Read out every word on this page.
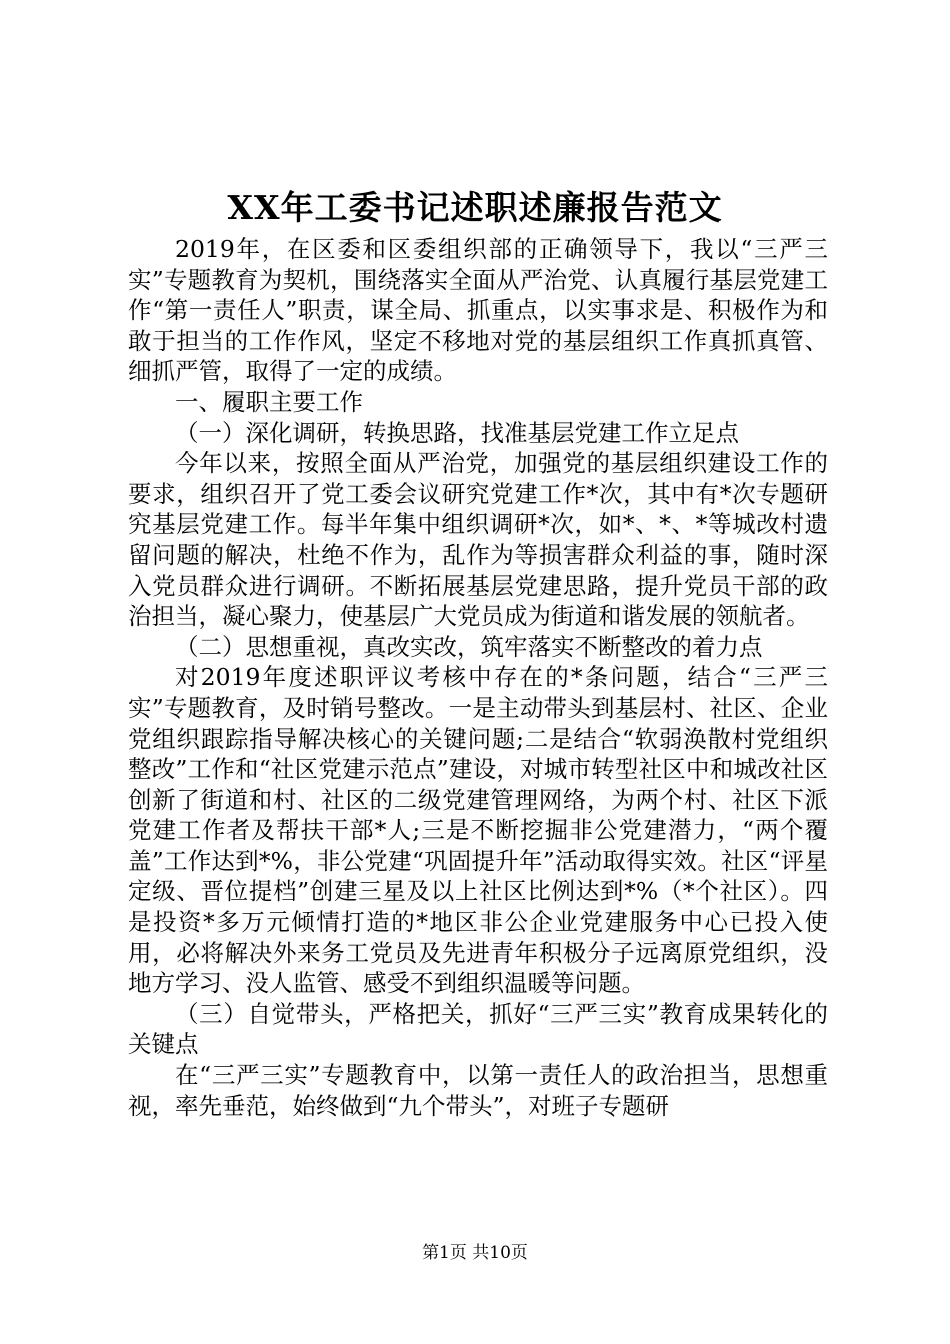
XX年工委书记述职述廉报告范文

2019年，在区委和区委组织部的正确领导下，我以“三严三实”专题教育为契机，围绕落实全面从严治党、认真履行基层党建工作“第一责任人”职责，谋全局、抓重点，以实事求是、积极作为和敢于担当的工作作风，坚定不移地对党的基层组织工作真抓真管、细抓严管，取得了一定的成绩。

一、履职主要工作

（一）深化调研，转换思路，找准基层党建工作立足点

今年以来，按照全面从严治党，加强党的基层组织建设工作的要求，组织召开了党工委会议研究党建工作*次，其中有*次专题研究基层党建工作。每半年集中组织调研*次，如*、*、*等城改村遗留问题的解决，杜绝不作为，乱作为等损害群众利益的事，随时深入党员群众进行调研。不断拓展基层党建思路，提升党员干部的政治担当，凝心聚力，使基层广大党员成为街道和谐发展的领航者。

（二）思想重视，真改实改，筑牢落实不断整改的着力点

对2019年度述职评议考核中存在的*条问题，结合“三严三实”专题教育，及时销号整改。一是主动带头到基层村、社区、企业党组织跟踪指导解决核心的关键问题;二是结合“软弱涣散村党组织整改”工作和“社区党建示范点”建设，对城市转型社区中和城改社区创新了街道和村、社区的二级党建管理网络，为两个村、社区下派党建工作者及帮扶干部*人;三是不断挖掘非公党建潜力，“两个覆盖”工作达到*%，非公党建“巩固提升年”活动取得实效。社区“评星定级、晋位提档”创建三星及以上社区比例达到*%（*个社区）。四是投资*多万元倾情打造的*地区非公企业党建服务中心已投入使用，必将解决外来务工党员及先进青年积极分子远离原党组织，没地方学习、没人监管、感受不到组织温暖等问题。

（三）自觉带头，严格把关，抓好“三严三实”教育成果转化的关键点

在“三严三实”专题教育中，以第一责任人的政治担当，思想重视，率先垂范，始终做到“九个带头”，对班子专题研

第1页 共10页
